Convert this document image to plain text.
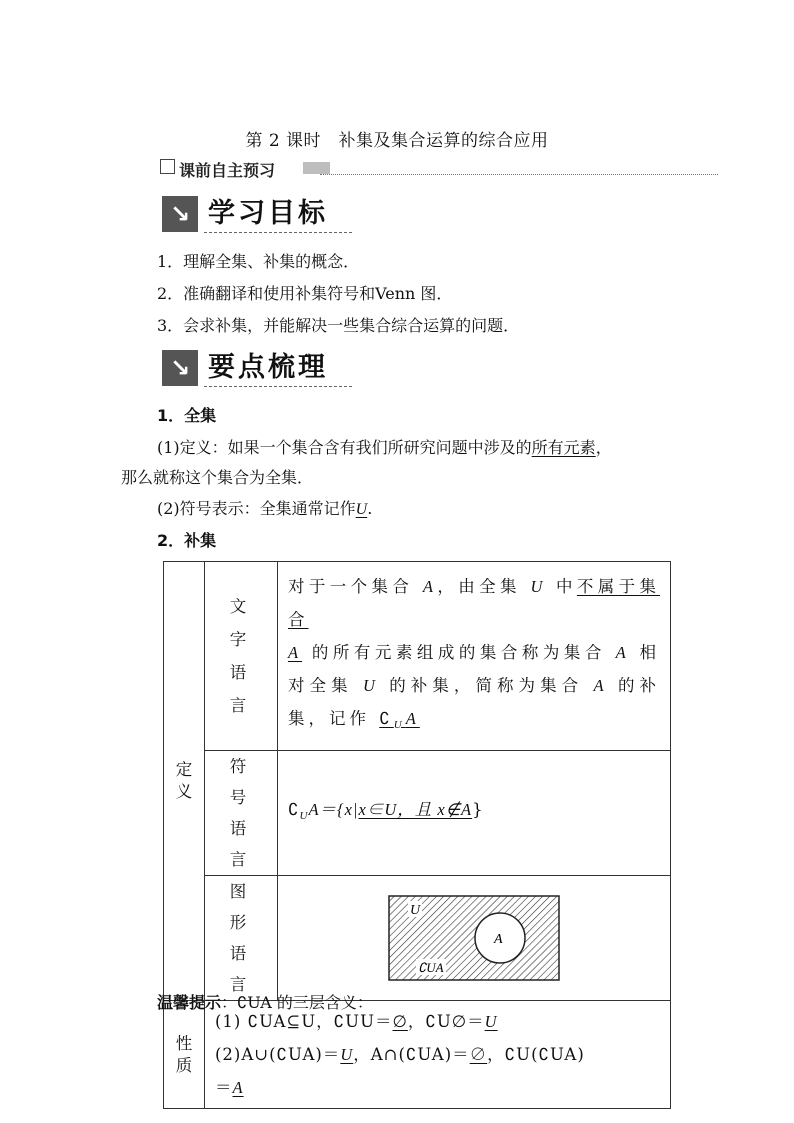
第 2 课时　补集及集合运算的综合应用
课前自主预习
↘ 学习目标
1．理解全集、补集的概念．
2．准确翻译和使用补集符号和Venn 图．
3．会求补集，并能解决一些集合综合运算的问题．
↘ 要点梳理
1．全集
(1)定义：如果一个集合含有我们所研究问题中涉及的所有元素，
那么就称这个集合为全集．
(2)符号表示：全集通常记作U.
2．补集
定义	文字语言	对于一个集合 A，由全集 U 中不属于集合
A 的所有元素组成的集合称为集合 A 相对全集 U 的补集，简称为集合 A 的补集，记作 $∁_UA$

	符号语言	$∁_UA=\{x|x\in U$，且 x∉A}

	图形语言	U
A
∁UA

性质	(1) ∁UA⊆U，∁UU＝∅，∁U∅＝U
(2)A∪(∁UA)＝U，A∩(∁UA)＝∅，∁U(∁UA)
＝A	
温馨提示：∁UA 的三层含义：
